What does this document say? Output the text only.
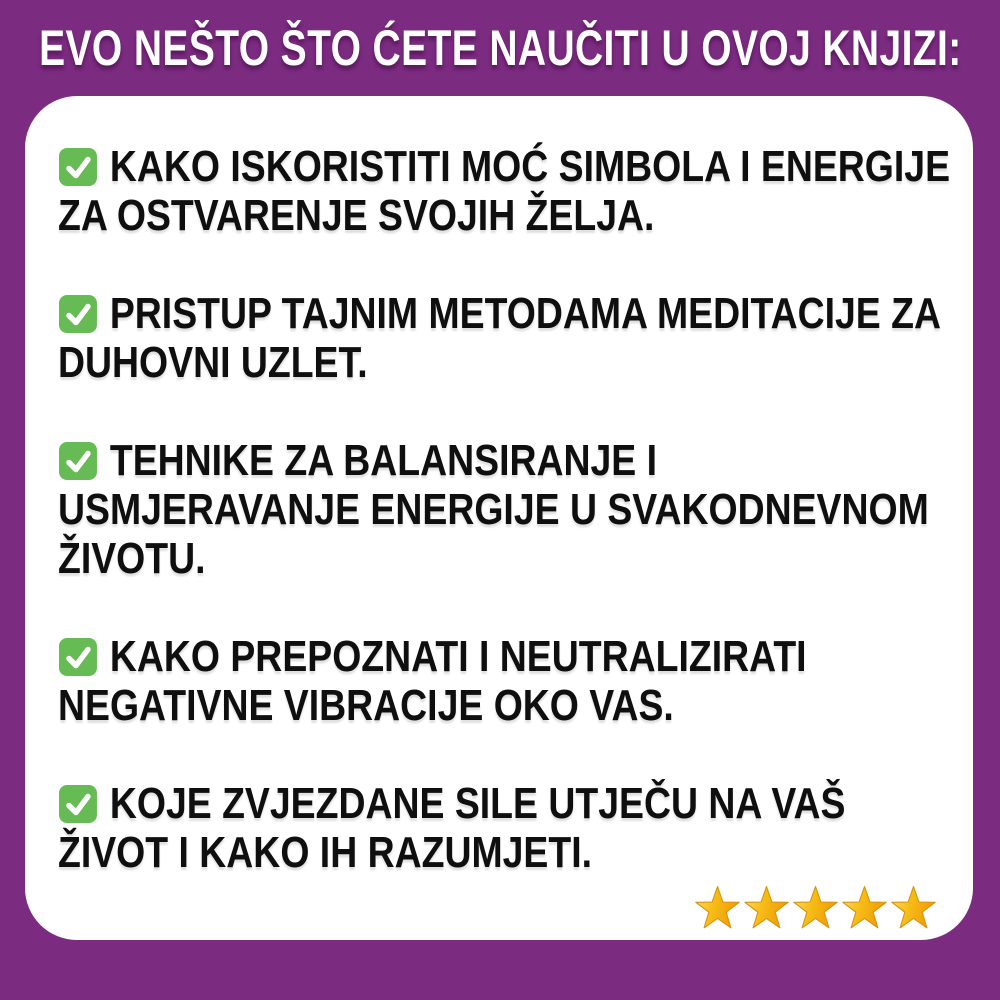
EVO NEŠTO ŠTO ĆETE NAUČITI U OVOJ KNJIZI:
KAKO ISKORISTITI MOĆ SIMBOLA I ENERGIJE
ZA OSTVARENJE SVOJIH ŽELJA.
PRISTUP TAJNIM METODAMA MEDITACIJE ZA
DUHOVNI UZLET.
TEHNIKE ZA BALANSIRANJE I
USMJERAVANJE ENERGIJE U SVAKODNEVNOM
ŽIVOTU.
KAKO PREPOZNATI I NEUTRALIZIRATI
NEGATIVNE VIBRACIJE OKO VAS.
KOJE ZVJEZDANE SILE UTJEČU NA VAŠ
ŽIVOT I KAKO IH RAZUMJETI.
